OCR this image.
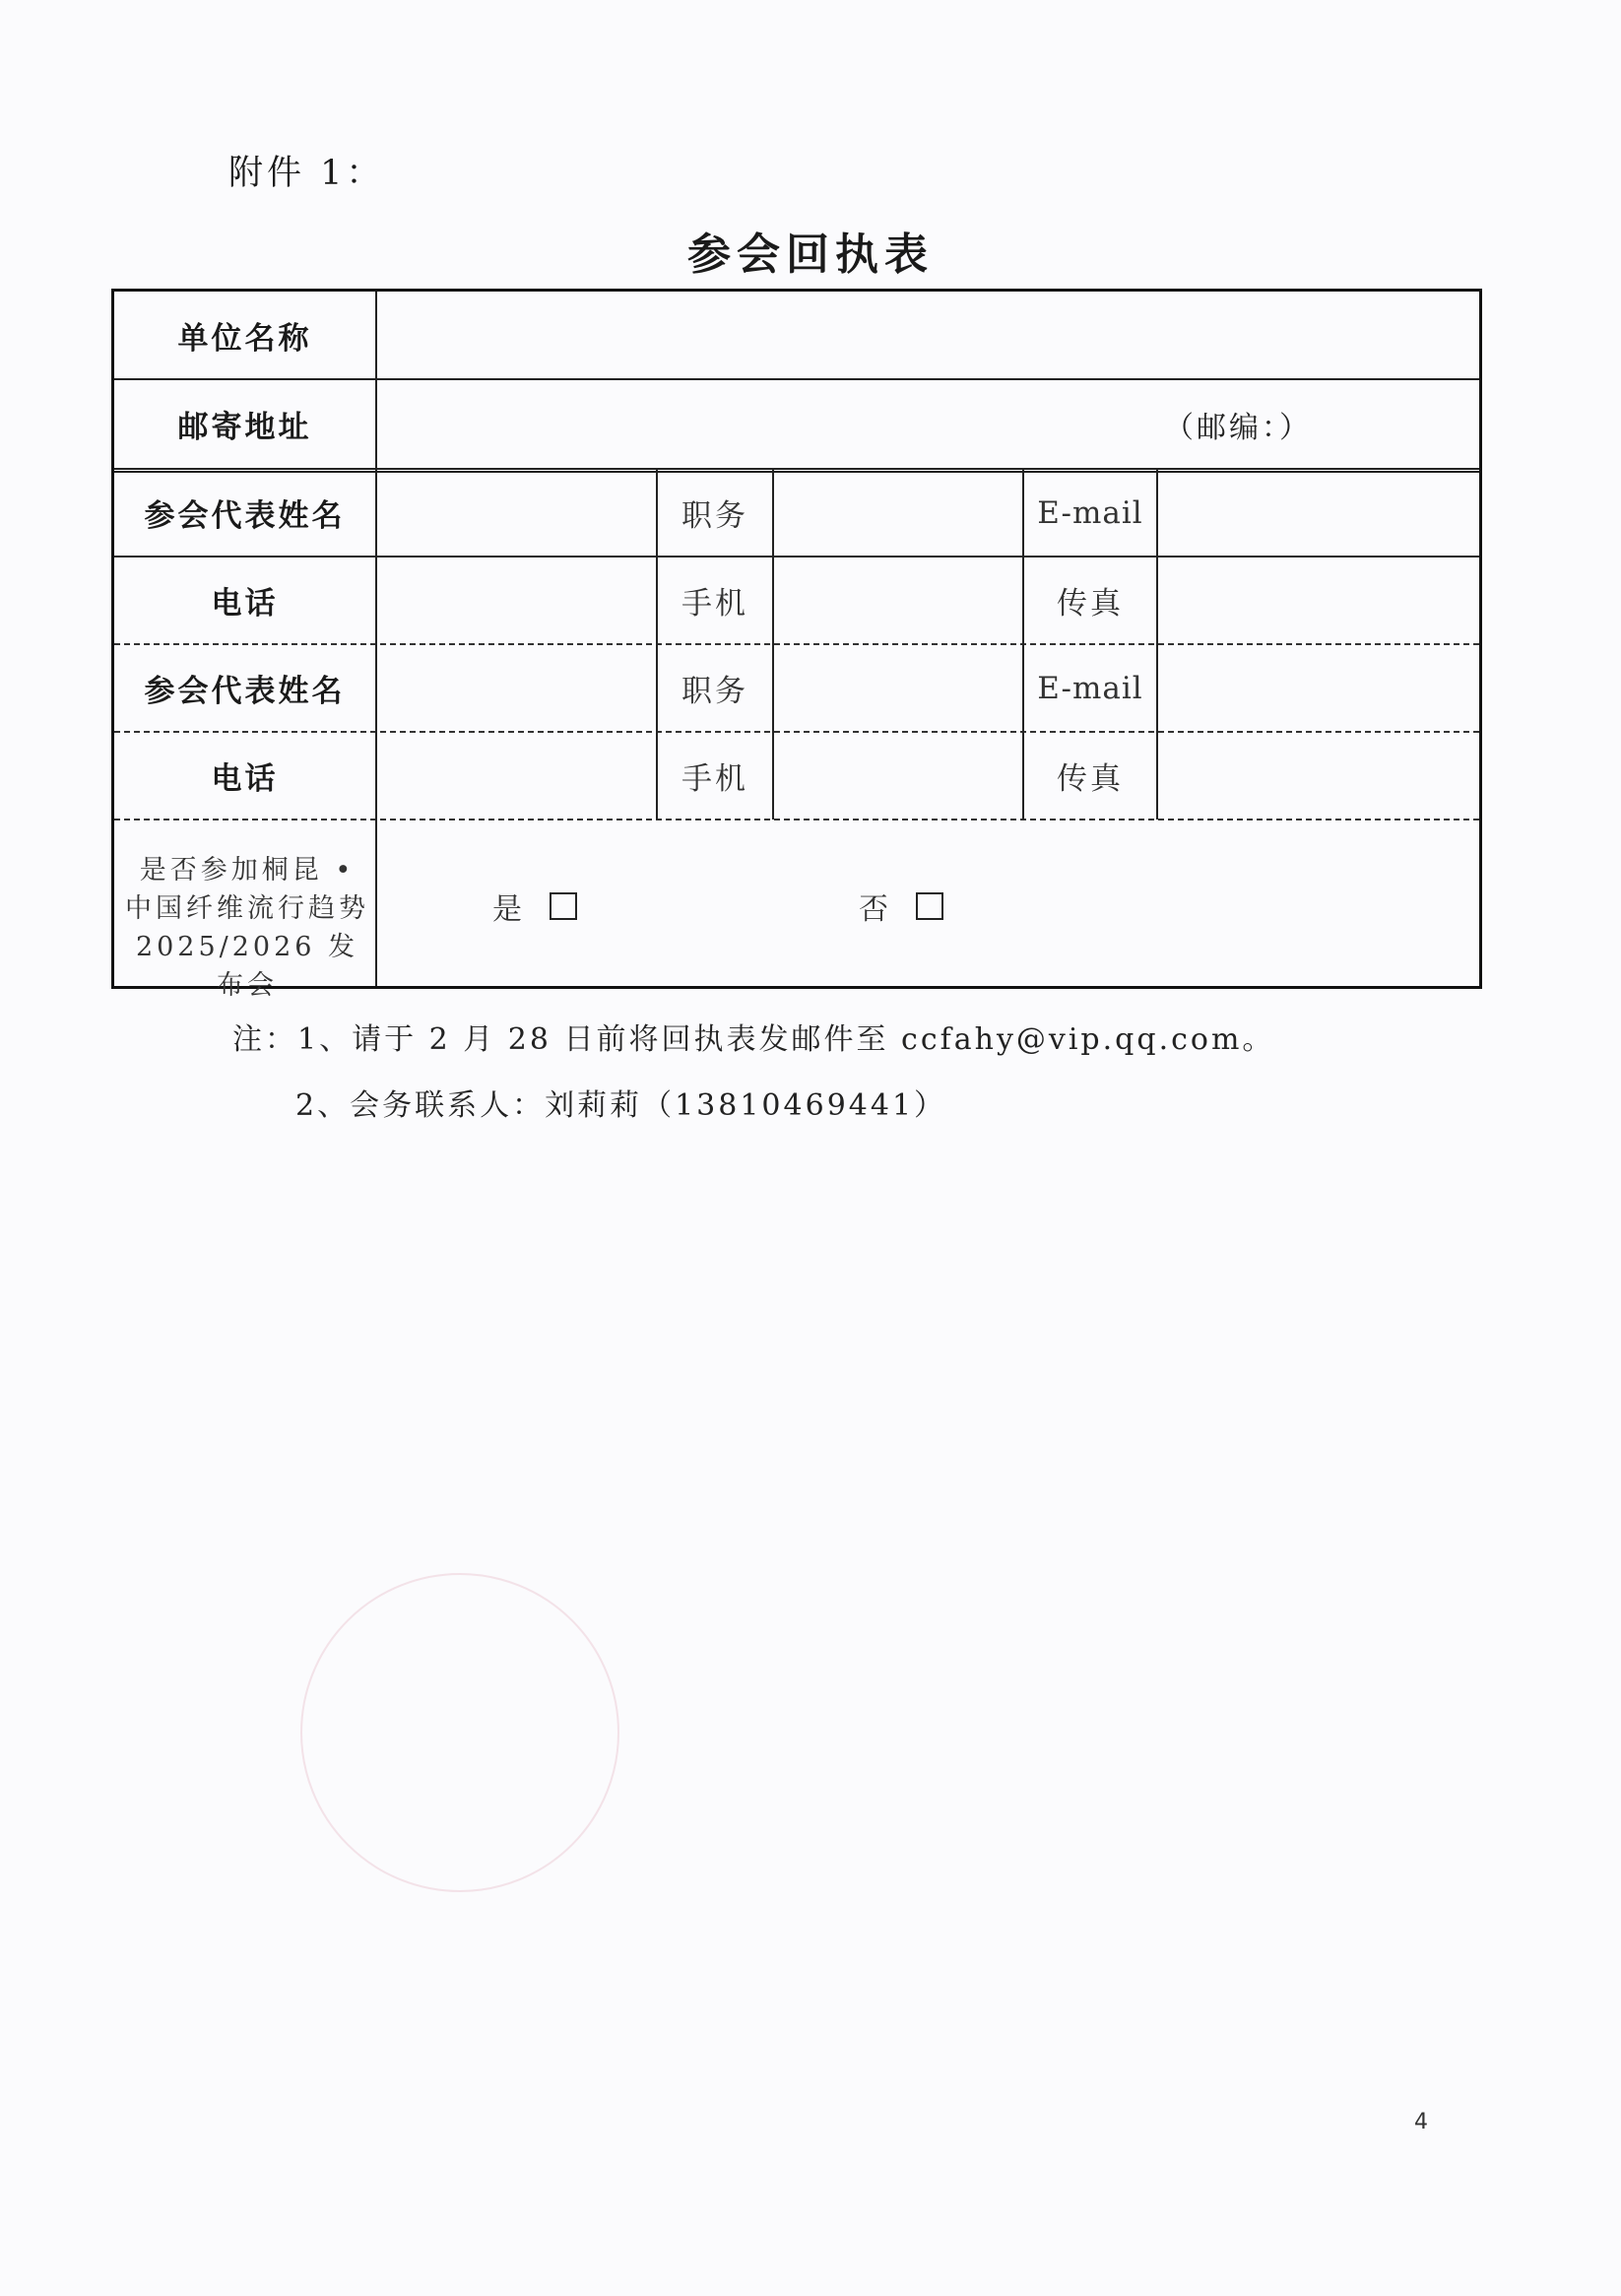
附件 1：
参会回执表
单位名称
邮寄地址	（邮编：）
参会代表姓名	职务	E-mail
电话	手机	传真
参会代表姓名	职务	E-mail
电话	手机	传真
是否参加桐昆 •
中国纤维流行趋势
2025/2026 发布会
是	否
注：1、请于 2 月 28 日前将回执表发邮件至 ccfahy@vip.qq.com。
2、会务联系人：刘莉莉（13810469441）
4
